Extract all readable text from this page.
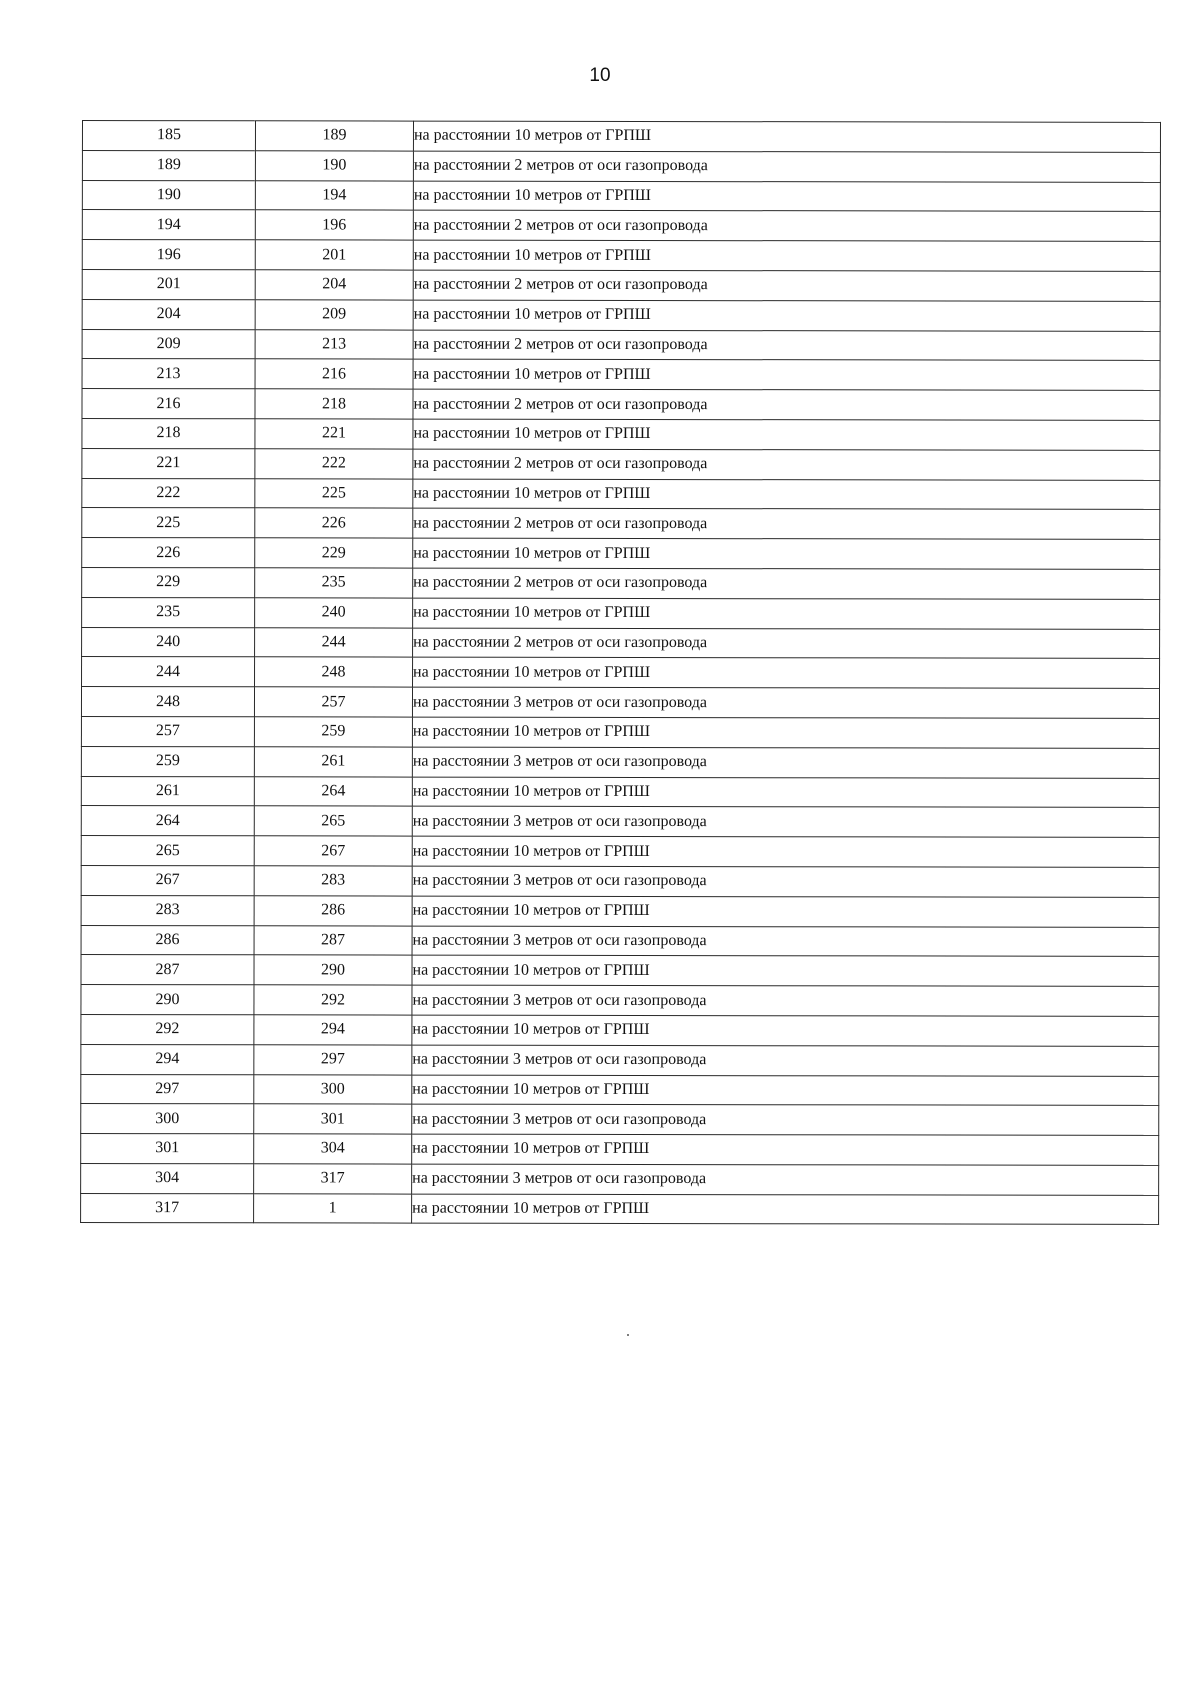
10
185	189	на расстоянии 10 метров от ГРПШ
189	190	на расстоянии 2 метров от оси газопровода
190	194	на расстоянии 10 метров от ГРПШ
194	196	на расстоянии 2 метров от оси газопровода
196	201	на расстоянии 10 метров от ГРПШ
201	204	на расстоянии 2 метров от оси газопровода
204	209	на расстоянии 10 метров от ГРПШ
209	213	на расстоянии 2 метров от оси газопровода
213	216	на расстоянии 10 метров от ГРПШ
216	218	на расстоянии 2 метров от оси газопровода
218	221	на расстоянии 10 метров от ГРПШ
221	222	на расстоянии 2 метров от оси газопровода
222	225	на расстоянии 10 метров от ГРПШ
225	226	на расстоянии 2 метров от оси газопровода
226	229	на расстоянии 10 метров от ГРПШ
229	235	на расстоянии 2 метров от оси газопровода
235	240	на расстоянии 10 метров от ГРПШ
240	244	на расстоянии 2 метров от оси газопровода
244	248	на расстоянии 10 метров от ГРПШ
248	257	на расстоянии 3 метров от оси газопровода
257	259	на расстоянии 10 метров от ГРПШ
259	261	на расстоянии 3 метров от оси газопровода
261	264	на расстоянии 10 метров от ГРПШ
264	265	на расстоянии 3 метров от оси газопровода
265	267	на расстоянии 10 метров от ГРПШ
267	283	на расстоянии 3 метров от оси газопровода
283	286	на расстоянии 10 метров от ГРПШ
286	287	на расстоянии 3 метров от оси газопровода
287	290	на расстоянии 10 метров от ГРПШ
290	292	на расстоянии 3 метров от оси газопровода
292	294	на расстоянии 10 метров от ГРПШ
294	297	на расстоянии 3 метров от оси газопровода
297	300	на расстоянии 10 метров от ГРПШ
300	301	на расстоянии 3 метров от оси газопровода
301	304	на расстоянии 10 метров от ГРПШ
304	317	на расстоянии 3 метров от оси газопровода
317	1	на расстоянии 10 метров от ГРПШ
